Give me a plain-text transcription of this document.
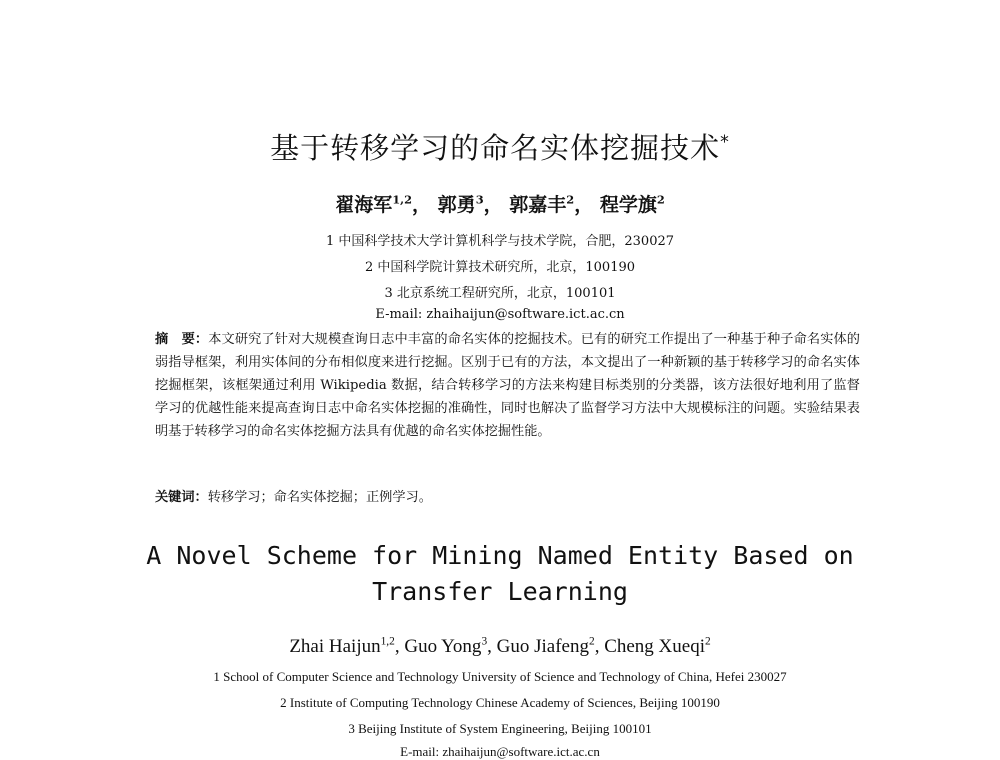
基于转移学习的命名实体挖掘技术*
翟海军$^{1,2}$， 郭勇$^3$， 郭嘉丰$^2$， 程学旗$^2$
1 中国科学技术大学计算机科学与技术学院，合肥，230027
2 中国科学院计算技术研究所，北京，100190
3 北京系统工程研究所，北京，100101
E-mail: zhaihaijun@software.ict.ac.cn
摘　要：本文研究了针对大规模查询日志中丰富的命名实体的挖掘技术。已有的研究工作提出了一种基于种子命名实体的弱指导框架，利用实体间的分布相似度来进行挖掘。区别于已有的方法，本文提出了一种新颖的基于转移学习的命名实体挖掘框架，该框架通过利用 Wikipedia 数据，结合转移学习的方法来构建目标类别的分类器，该方法很好地利用了监督学习的优越性能来提高查询日志中命名实体挖掘的准确性，同时也解决了监督学习方法中大规模标注的问题。实验结果表明基于转移学习的命名实体挖掘方法具有优越的命名实体挖掘性能。
关键词：转移学习；命名实体挖掘；正例学习。
A Novel Scheme for Mining Named Entity Based on
Transfer Learning
Zhai Haijun$^{1,2}$, Guo Yong$^3$, Guo Jiafeng$^2$, Cheng Xueqi$^2$
1 School of Computer Science and Technology University of Science and Technology of China, Hefei 230027
2 Institute of Computing Technology Chinese Academy of Sciences, Beijing 100190
3 Beijing Institute of System Engineering, Beijing 100101
E-mail: zhaihaijun@software.ict.ac.cn
